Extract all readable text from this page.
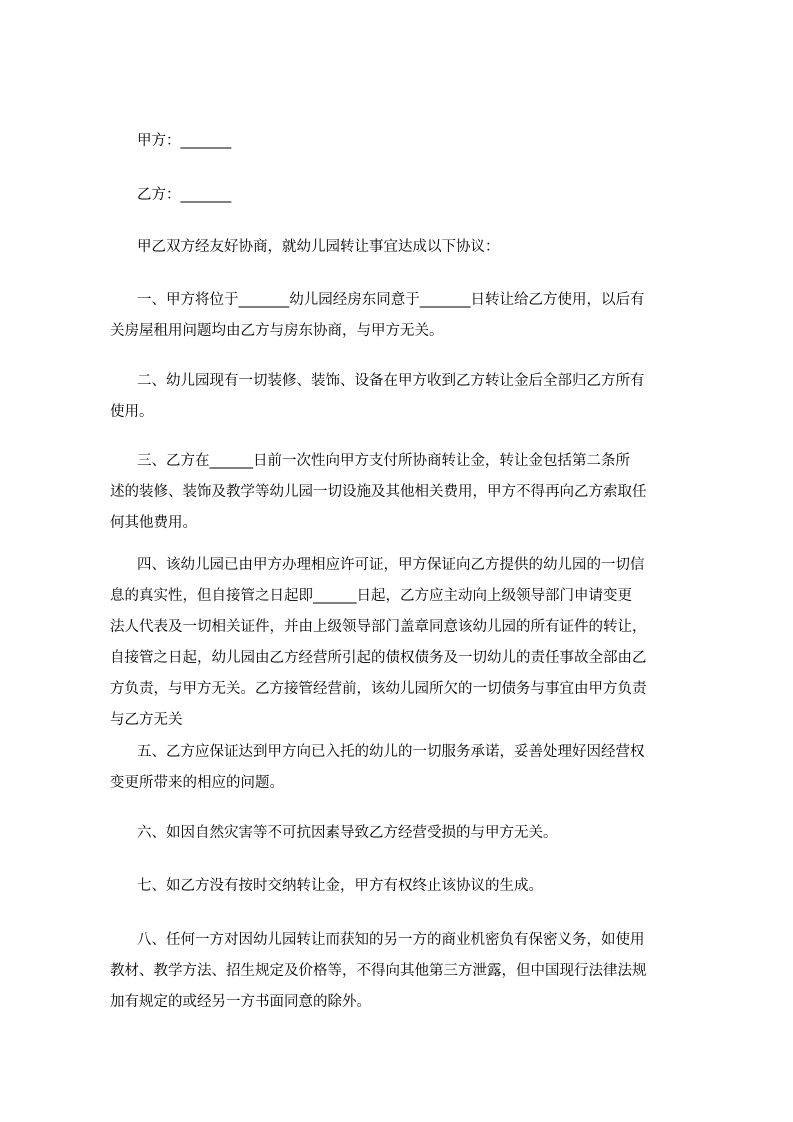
甲方：_______

乙方：_______

甲乙双方经友好协商，就幼儿园转让事宜达成以下协议：

一、甲方将位于_______幼儿园经房东同意于_______日转让给乙方使用，以后有
关房屋租用问题均由乙方与房东协商，与甲方无关。

二、幼儿园现有一切装修、装饰、设备在甲方收到乙方转让金后全部归乙方所有
使用。

三、乙方在______日前一次性向甲方支付所协商转让金，转让金包括第二条所
述的装修、装饰及教学等幼儿园一切设施及其他相关费用，甲方不得再向乙方索取任
何其他费用。

四、该幼儿园已由甲方办理相应许可证，甲方保证向乙方提供的幼儿园的一切信
息的真实性，但自接管之日起即______日起，乙方应主动向上级领导部门申请变更
法人代表及一切相关证件，并由上级领导部门盖章同意该幼儿园的所有证件的转让，
自接管之日起，幼儿园由乙方经营所引起的债权债务及一切幼儿的责任事故全部由乙
方负责，与甲方无关。乙方接管经营前，该幼儿园所欠的一切债务与事宜由甲方负责
与乙方无关

五、乙方应保证达到甲方向已入托的幼儿的一切服务承诺，妥善处理好因经营权
变更所带来的相应的问题。

六、如因自然灾害等不可抗因素导致乙方经营受损的与甲方无关。

七、如乙方没有按时交纳转让金，甲方有权终止该协议的生成。

八、任何一方对因幼儿园转让而获知的另一方的商业机密负有保密义务，如使用
教材、教学方法、招生规定及价格等，不得向其他第三方泄露，但中国现行法律法规
加有规定的或经另一方书面同意的除外。
